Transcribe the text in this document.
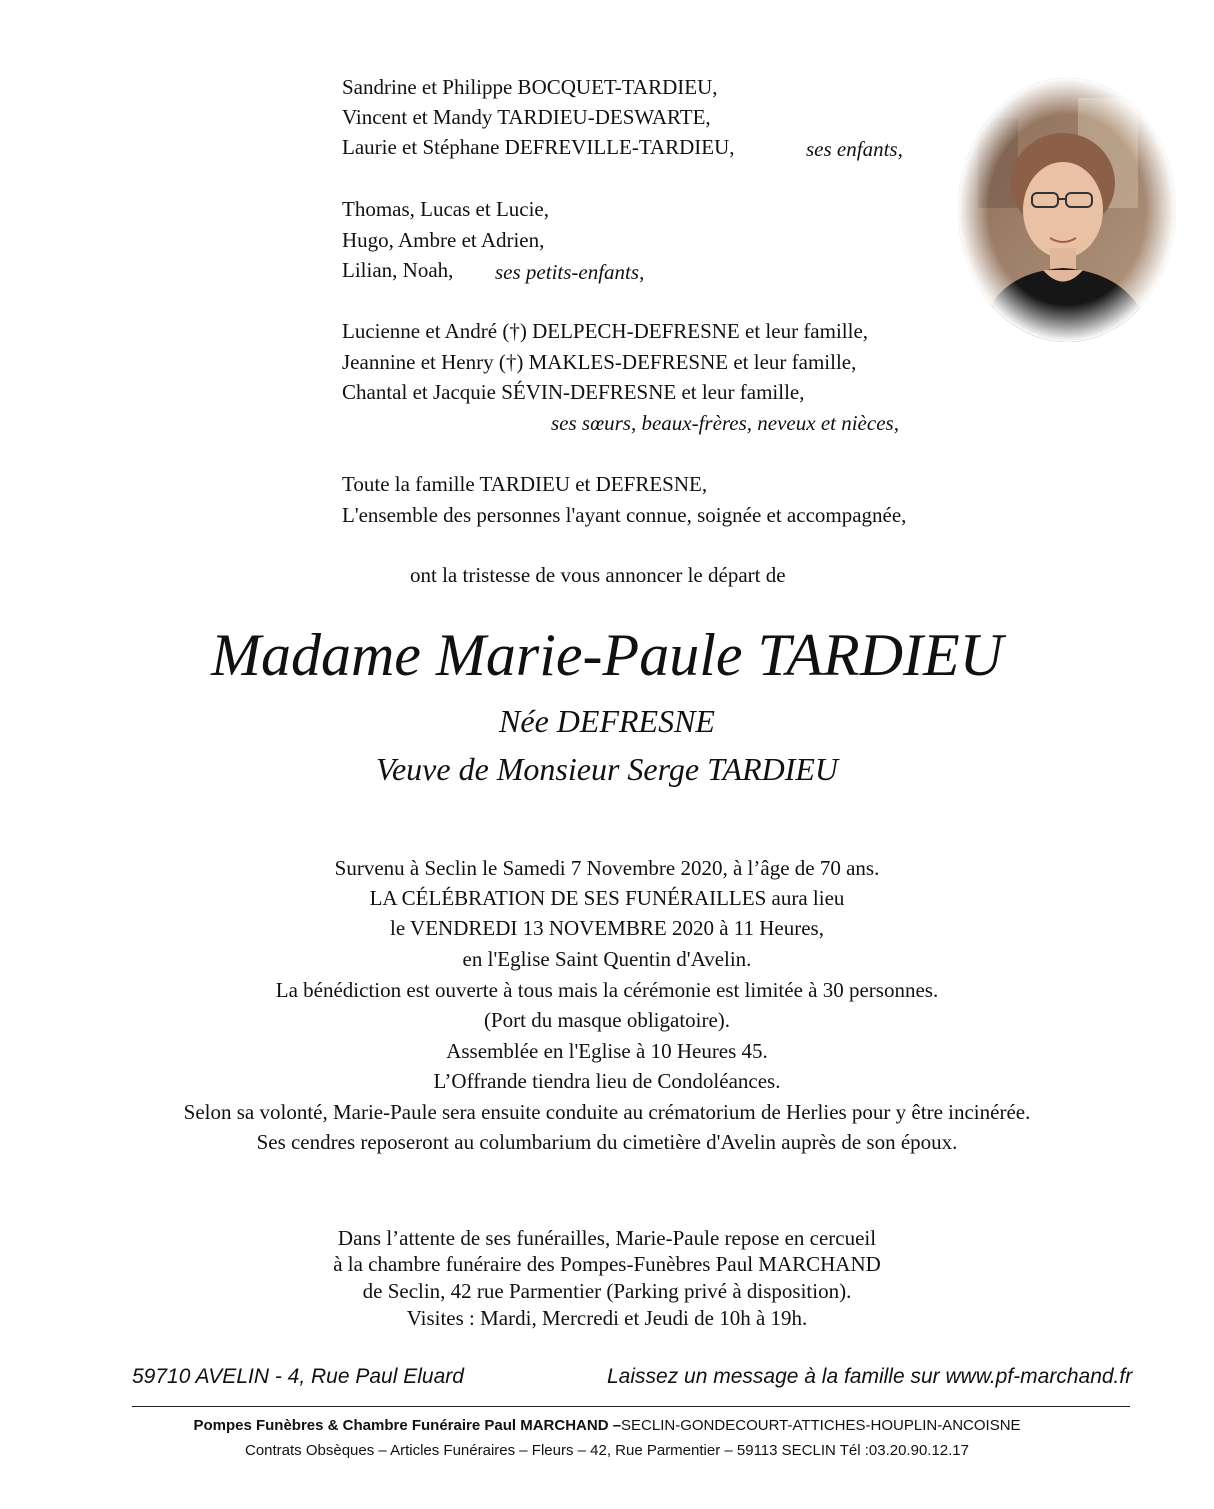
Sandrine et Philippe BOCQUET-TARDIEU,
Vincent et Mandy TARDIEU-DESWARTE,
Laurie et Stéphane DEFREVILLE-TARDIEU,	ses enfants,
Thomas, Lucas et Lucie,
Hugo, Ambre et Adrien,
Lilian, Noah, ses petits-enfants,
Lucienne et André (†) DELPECH-DEFRESNE et leur famille,
Jeannine et Henry (†) MAKLES-DEFRESNE et leur famille,
Chantal et Jacquie SÉVIN-DEFRESNE et leur famille,
ses sœurs, beaux-frères, neveux et nièces,
Toute la famille TARDIEU et DEFRESNE,
L'ensemble des personnes l'ayant connue, soignée et accompagnée,
ont la tristesse de vous annoncer le départ de
Madame Marie-Paule TARDIEU
Née DEFRESNE
Veuve de Monsieur Serge TARDIEU
Survenu à Seclin le Samedi 7 Novembre 2020, à l’âge de 70 ans.
LA CÉLÉBRATION DE SES FUNÉRAILLES aura lieu
le VENDREDI 13 NOVEMBRE 2020 à 11 Heures,
en l'Eglise Saint Quentin d'Avelin.
La bénédiction est ouverte à tous mais la cérémonie est limitée à 30 personnes.
(Port du masque obligatoire).
Assemblée en l'Eglise à 10 Heures 45.
L’Offrande tiendra lieu de Condoléances.
Selon sa volonté, Marie-Paule sera ensuite conduite au crématorium de Herlies pour y être incinérée.
Ses cendres reposeront au columbarium du cimetière d'Avelin auprès de son époux.
Dans l’attente de ses funérailles, Marie-Paule repose en cercueil
à la chambre funéraire des Pompes-Funèbres Paul MARCHAND
de Seclin, 42 rue Parmentier (Parking privé à disposition).
Visites : Mardi, Mercredi et Jeudi de 10h à 19h.
59710 AVELIN - 4, Rue Paul Eluard	Laissez un message à la famille sur www.pf-marchand.fr
Pompes Funèbres & Chambre Funéraire Paul MARCHAND –SECLIN-GONDECOURT-ATTICHES-HOUPLIN-ANCOISNE
Contrats Obsèques – Articles Funéraires – Fleurs – 42, Rue Parmentier – 59113 SECLIN Tél :03.20.90.12.17
